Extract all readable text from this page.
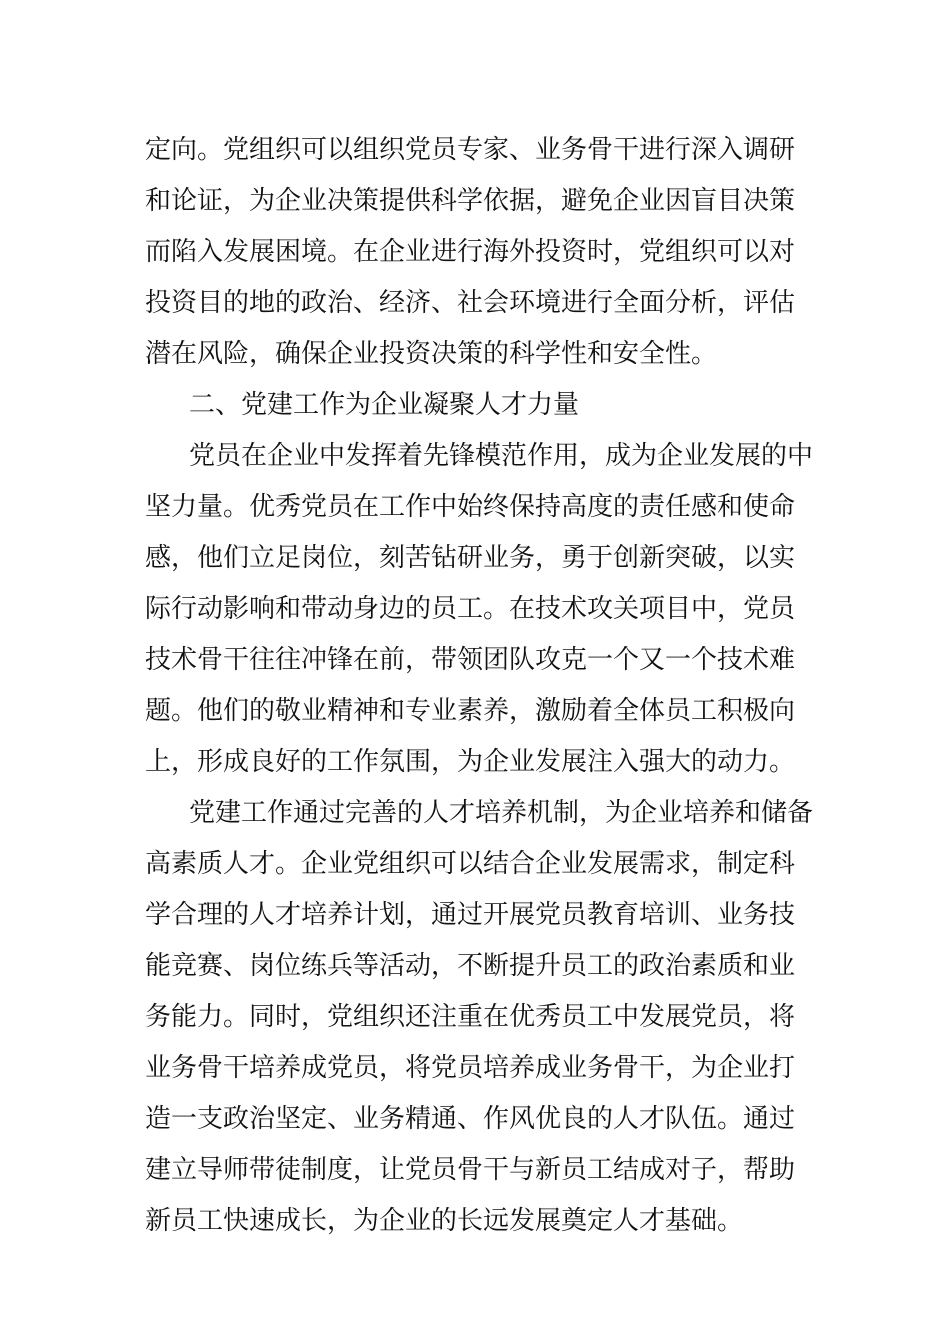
定向。党组织可以组织党员专家、业务骨干进行深入调研
和论证，为企业决策提供科学依据，避免企业因盲目决策
而陷入发展困境。在企业进行海外投资时，党组织可以对
投资目的地的政治、经济、社会环境进行全面分析，评估
潜在风险，确保企业投资决策的科学性和安全性。
二、党建工作为企业凝聚人才力量
党员在企业中发挥着先锋模范作用，成为企业发展的中
坚力量。优秀党员在工作中始终保持高度的责任感和使命
感，他们立足岗位，刻苦钻研业务，勇于创新突破，以实
际行动影响和带动身边的员工。在技术攻关项目中，党员
技术骨干往往冲锋在前，带领团队攻克一个又一个技术难
题。他们的敬业精神和专业素养，激励着全体员工积极向
上，形成良好的工作氛围，为企业发展注入强大的动力。
党建工作通过完善的人才培养机制，为企业培养和储备
高素质人才。企业党组织可以结合企业发展需求，制定科
学合理的人才培养计划，通过开展党员教育培训、业务技
能竞赛、岗位练兵等活动，不断提升员工的政治素质和业
务能力。同时，党组织还注重在优秀员工中发展党员，将
业务骨干培养成党员，将党员培养成业务骨干，为企业打
造一支政治坚定、业务精通、作风优良的人才队伍。通过
建立导师带徒制度，让党员骨干与新员工结成对子，帮助
新员工快速成长，为企业的长远发展奠定人才基础。
